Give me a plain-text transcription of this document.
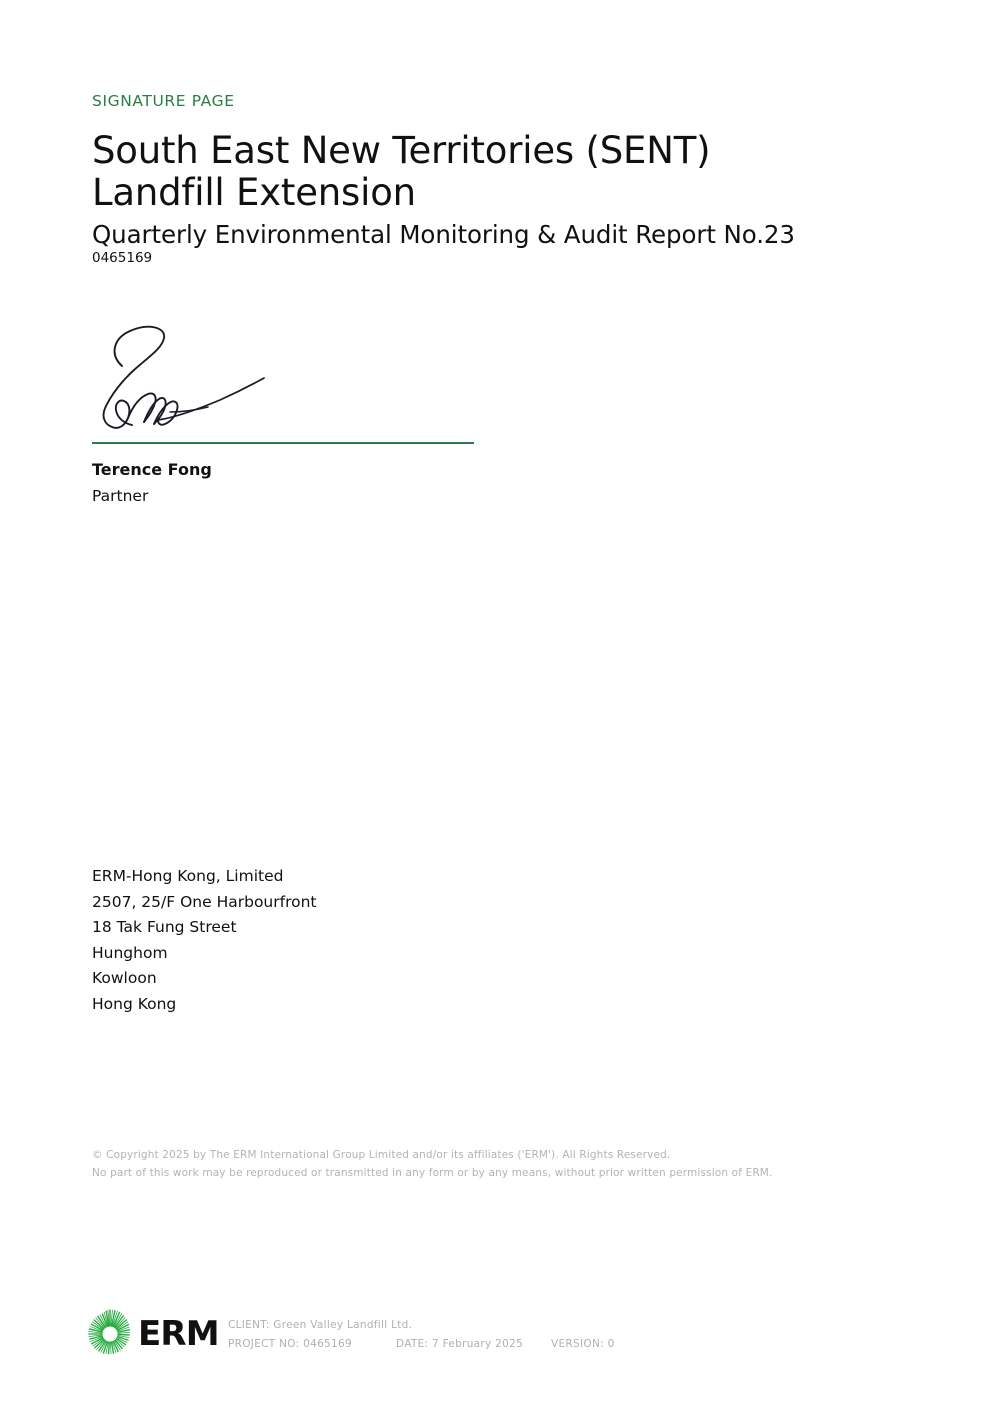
SIGNATURE PAGE
South East New Territories (SENT)
Landfill Extension
Quarterly Environmental Monitoring & Audit Report No.23
0465169
Terence Fong
Partner
ERM-Hong Kong, Limited
2507, 25/F One Harbourfront
18 Tak Fung Street
Hunghom
Kowloon
Hong Kong
© Copyright 2025 by The ERM International Group Limited and/or its affiliates ('ERM'). All Rights Reserved.
No part of this work may be reproduced or transmitted in any form or by any means, without prior written permission of ERM.
ERM CLIENT: Green Valley Landfill Ltd.
PROJECT NO: 0465169	DATE: 7 February 2025	VERSION: 0
